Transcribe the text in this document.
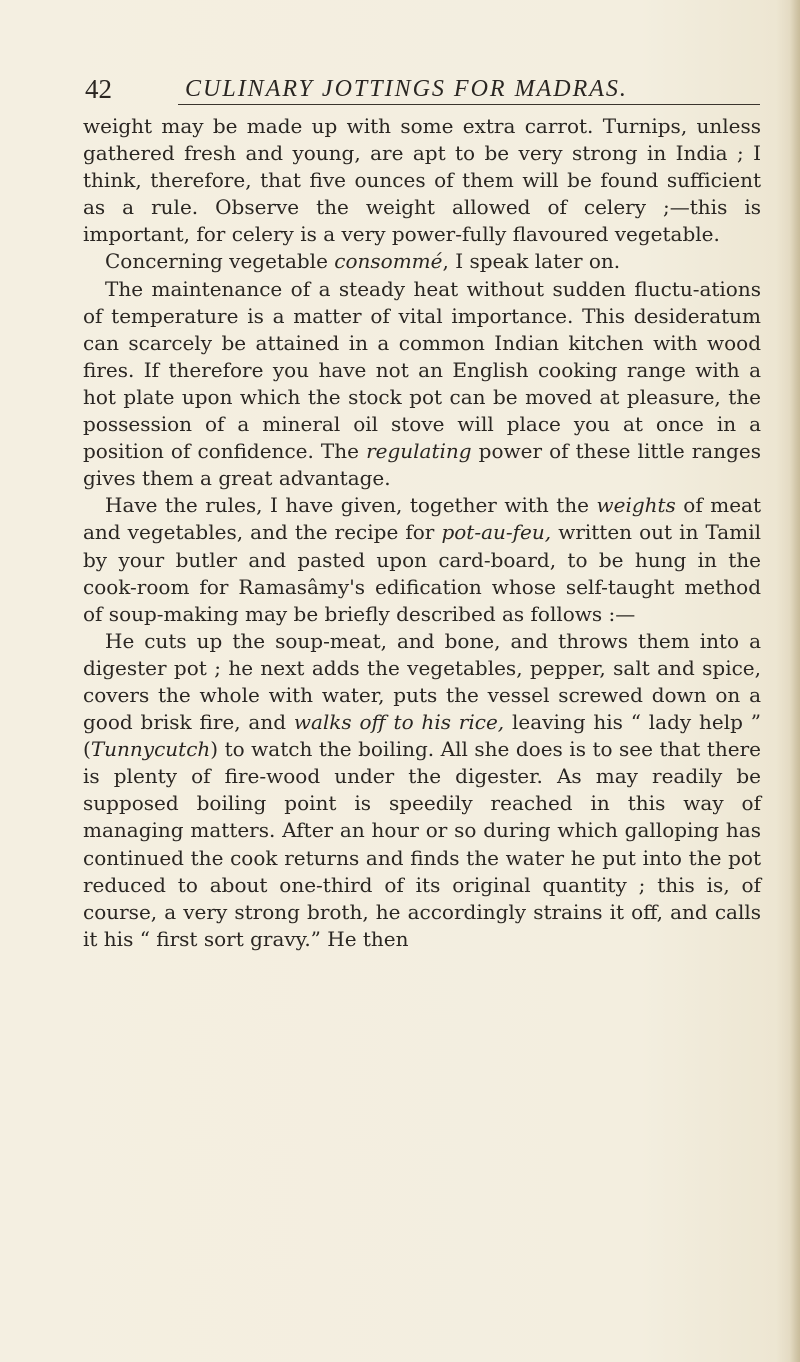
42	CULINARY JOTTINGS FOR MADRAS.

weight may be made up with some extra carrot. Turnips, unless gathered fresh and young, are apt to be very strong in India ; I think, therefore, that five ounces of them will be found sufficient as a rule. Observe the weight allowed of celery ;—this is important, for celery is a very power-fully flavoured vegetable.

Concerning vegetable consommé, I speak later on.

The maintenance of a steady heat without sudden fluctu-ations of temperature is a matter of vital importance. This desideratum can scarcely be attained in a common Indian kitchen with wood fires. If therefore you have not an English cooking range with a hot plate upon which the stock pot can be moved at pleasure, the possession of a mineral oil stove will place you at once in a position of confidence. The regulating power of these little ranges gives them a great advantage.

Have the rules, I have given, together with the weights of meat and vegetables, and the recipe for pot-au-feu, written out in Tamil by your butler and pasted upon card-board, to be hung in the cook-room for Ramasâmy's edification whose self-taught method of soup-making may be briefly described as follows :—

He cuts up the soup-meat, and bone, and throws them into a digester pot ; he next adds the vegetables, pepper, salt and spice, covers the whole with water, puts the vessel screwed down on a good brisk fire, and walks off to his rice, leaving his “ lady help ” (Tunnycutch) to watch the boiling. All she does is to see that there is plenty of fire-wood under the digester. As may readily be supposed boiling point is speedily reached in this way of managing matters. After an hour or so during which galloping has continued the cook returns and finds the water he put into the pot reduced to about one-third of its original quantity ; this is, of course, a very strong broth, he accordingly strains it off, and calls it his “ first sort gravy.” He then
